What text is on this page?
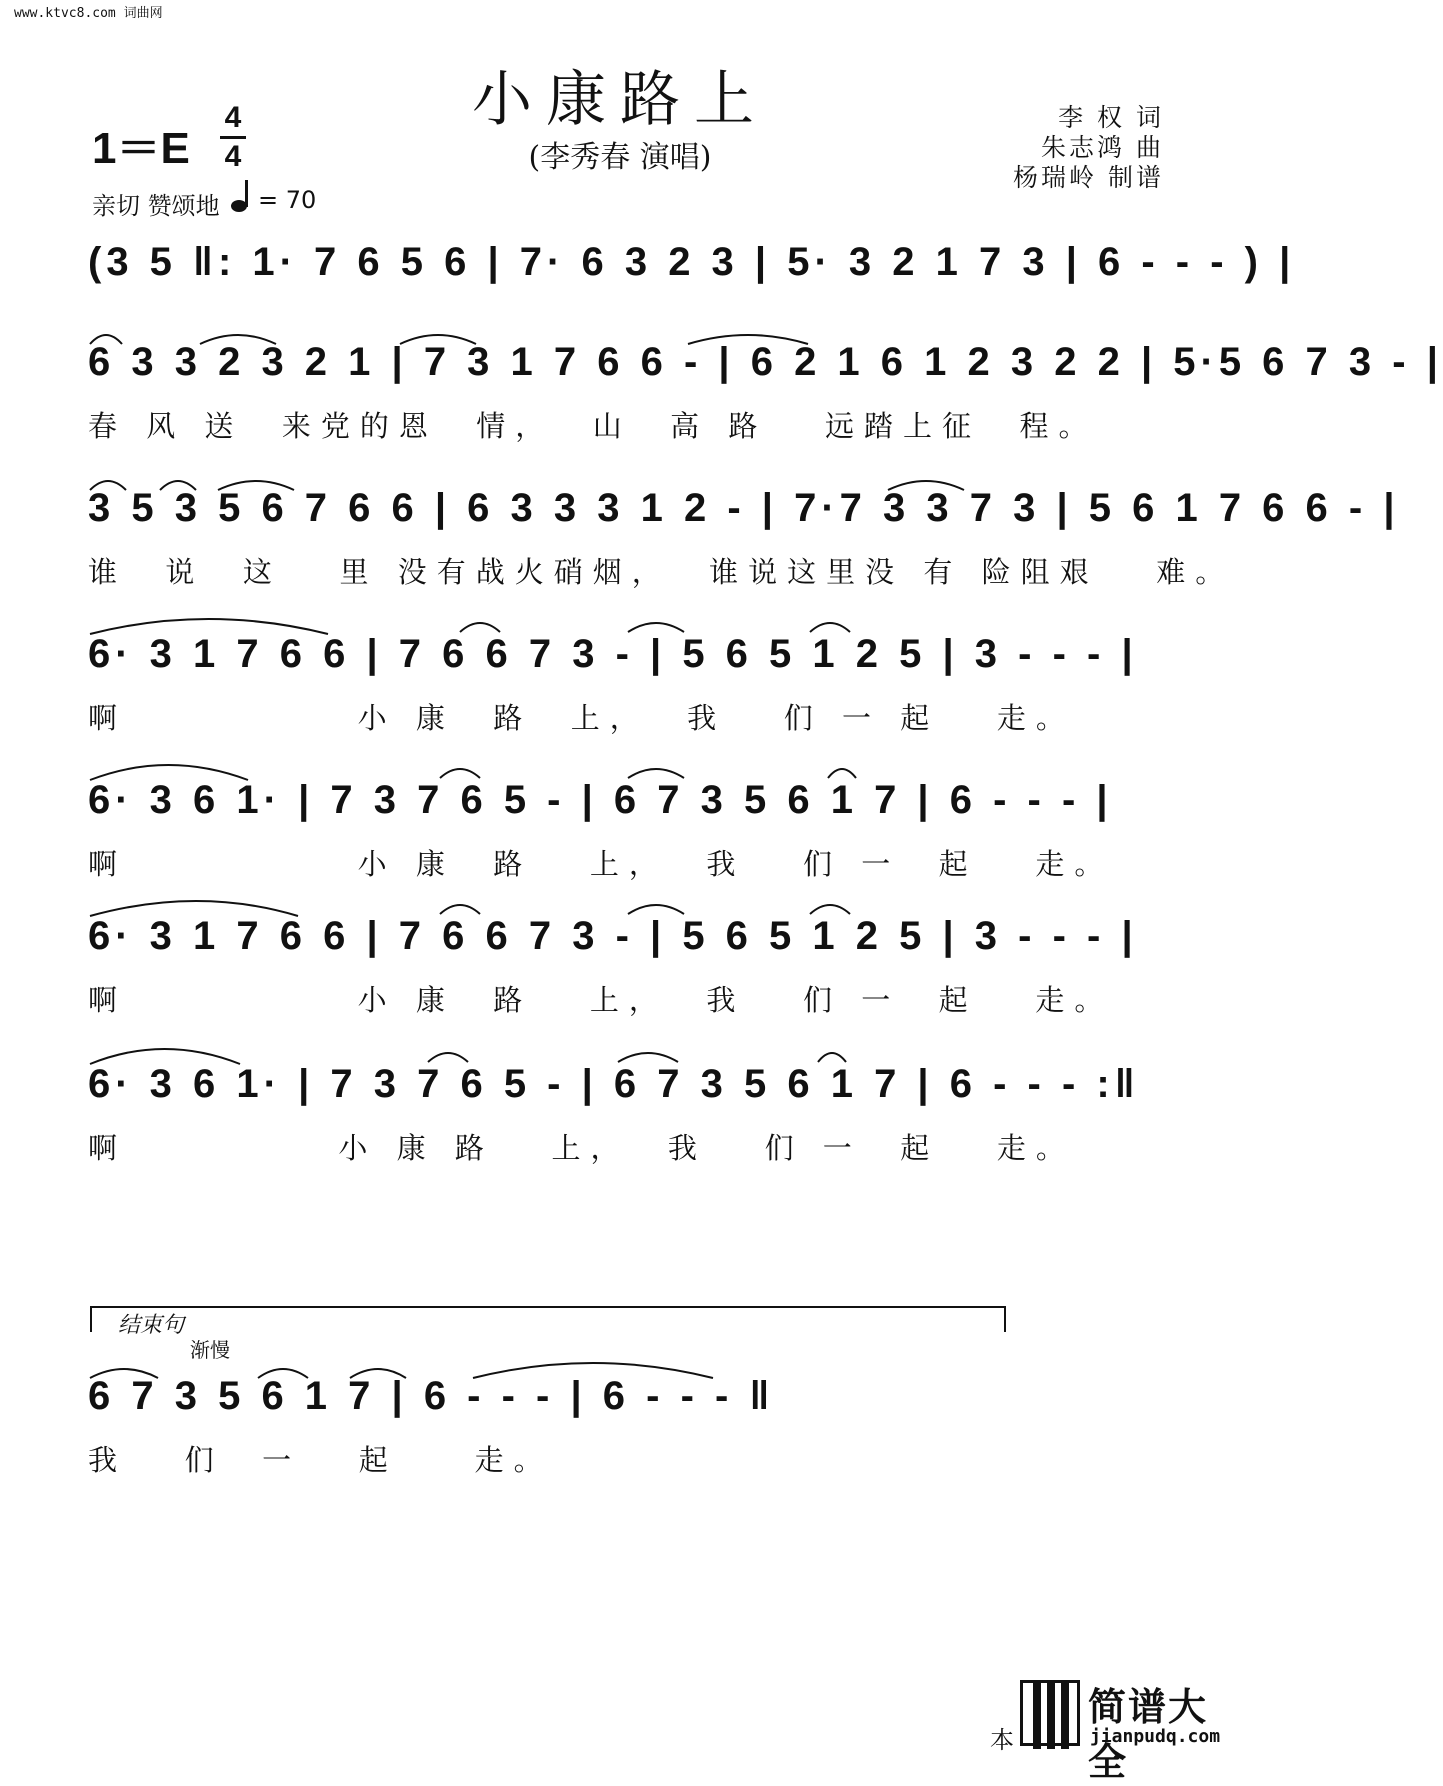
www.ktvc8.com 词曲网
小康路上
(李秀春 演唱)
1＝E
4
4
亲切 赞颂地 = 70
李 权 词
朱志鸿 曲
杨瑞岭 制谱
(3 5 ‖: 1· 7 6 5 6 | 7· 6 3 2 3 | 5· 3 2 1 7 3 | 6 - - - ) |
6 3 3 2 3 2 1 | 7 3 1 7 6 6 - | 6 2 1 6 1 2 3 2 2 | 5·5 6 7 3 - |
春 风 送  来党的恩  情，  山  高 路   远踏上征  程。
3 5 3 5 6 7 6 6 | 6 3 3 3 1 2 - | 7·7 3 3 7 3 | 5 6 1 7 6 6 - |
谁  说  这   里 没有战火硝烟，  谁说这里没 有 险阻艰   难。
6· 3 1 7 6 6 | 7 6 6 7 3 - | 5 6 5 1 2 5 | 3 - - - |
啊            小 康  路  上，  我   们 一 起   走。
6· 3 6 1· | 7 3 7 6 5 - | 6 7 3 5 6 1 7 | 6 - - - |
啊            小 康  路   上，  我   们 一  起   走。
6· 3 1 7 6 6 | 7 6 6 7 3 - | 5 6 5 1 2 5 | 3 - - - |
啊            小 康  路   上，  我   们 一  起   走。
6· 3 6 1· | 7 3 7 6 5 - | 6 7 3 5 6 1 7 | 6 - - - :‖
啊           小 康 路   上，  我   们 一  起   走。
结束句
渐慢
6 7 3 5 6 1 7 | 6 - - - | 6 - - - ‖
我   们  一   起    走。
本
简谱大全
jianpudq.com
